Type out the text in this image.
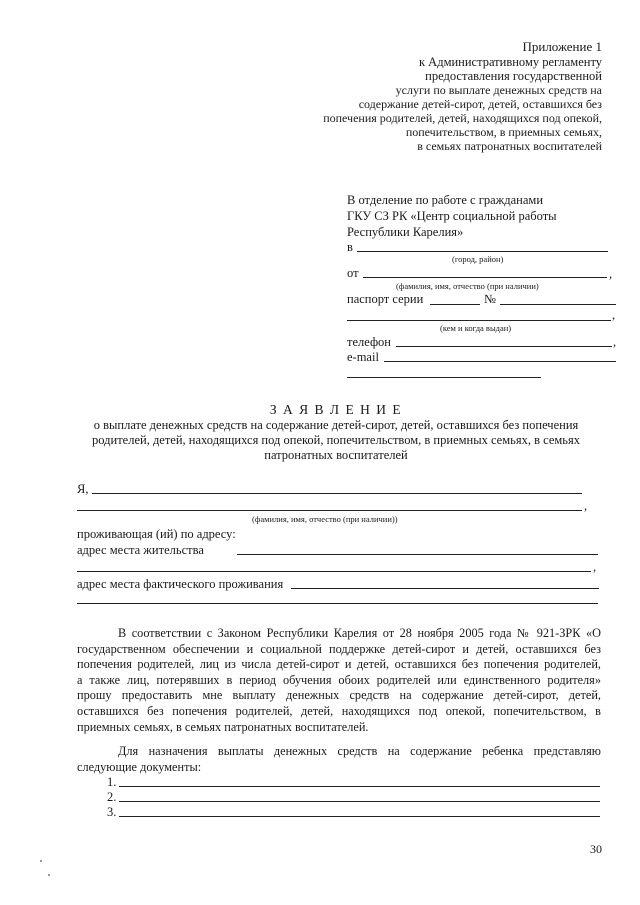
Приложение 1
к Административному регламенту
предоставления государственной
услуги по выплате денежных средств на
содержание детей-сирот, детей, оставшихся без
попечения родителей, детей, находящихся под опекой,
попечительством, в приемных семьях,
в семьях патронатных воспитателей
В отделение по работе с гражданами
ГКУ СЗ РК «Центр социальной работы
Республики Карелия»
в
(город, район)
от	,
(фамилия, имя, отчество (при наличии)
паспорт серии	№
,
(кем и когда выдан)
телефон	,
e-mail
З А Я В Л Е Н И Е
о выплате денежных средств на содержание детей-сирот, детей, оставшихся без попечения
родителей, детей, находящихся под опекой, попечительством, в приемных семьях, в семьях
патронатных воспитателей
Я,
,
(фамилия, имя, отчество (при наличии))
проживающая (ий) по адресу:
адрес места жительства
,
адрес места фактического проживания
В соответствии с Законом Республики Карелия от 28 ноября 2005 года № 921-ЗРК «О
государственном обеспечении и социальной поддержке детей-сирот и детей, оставшихся без
попечения родителей, лиц из числа детей-сирот и детей, оставшихся без попечения родителей,
а также лиц, потерявших в период обучения обоих родителей или единственного родителя»
прошу предоставить мне выплату денежных средств на содержание детей-сирот, детей,
оставшихся без попечения родителей, детей, находящихся под опекой, попечительством, в
приемных семьях, в семьях патронатных воспитателей.
Для назначения выплаты денежных средств на содержание ребенка представляю
следующие документы:
1.
2.
3.
30
